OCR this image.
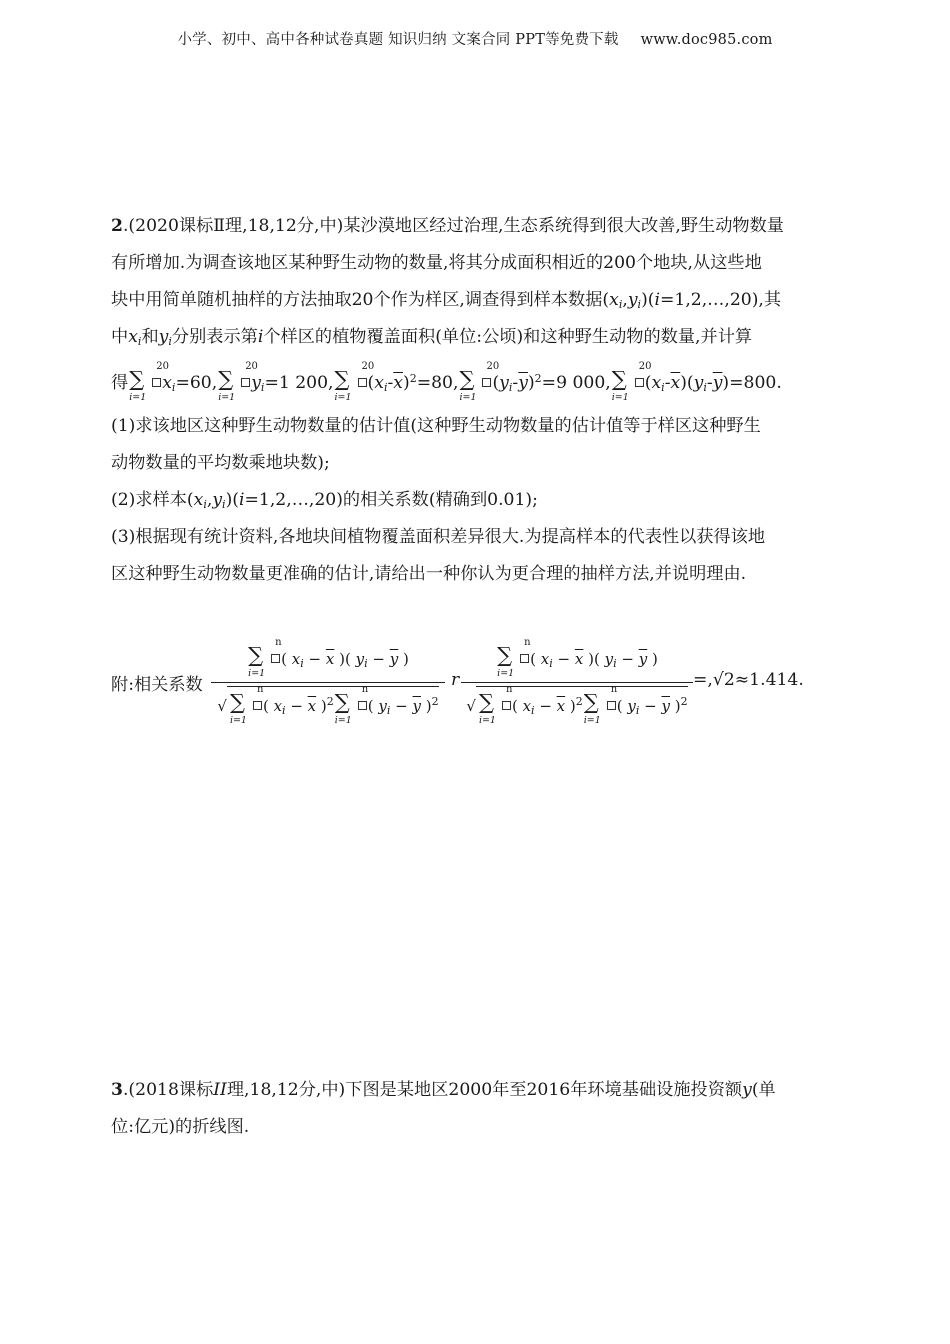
小学、初中、高中各种试卷真题 知识归纳 文案合同 PPT等免费下载 www.doc985.com
2.(2020课标Ⅱ理,18,12分,中)某沙漠地区经过治理,生态系统得到很大改善,野生动物数量
有所增加.为调查该地区某种野生动物的数量,将其分成面积相近的200个地块,从这些地
块中用简单随机抽样的方法抽取20个作为样区,调查得到样本数据$(x_i,y_i)(i=1,2,\dots,20)$,其
中$x_i$和$y_i$分别表示第i个样区的植物覆盖面积(单位:公顷)和这种野生动物的数量,并计算
得 ∑
i=1
20
$x_i=60$, ∑
i=1
20
$y_i=1$ 200, ∑
i=1
20
$(x_i-\overline{x})^2=80$, ∑
i=1
20
$(y_i-\overline{y})^2=9$ 000, ∑
i=1
20
$(x_i-\overline{x})(y_i-\overline{y})=800$.
(1)求该地区这种野生动物数量的估计值(这种野生动物数量的估计值等于样区这种野生
动物数量的平均数乘地块数);
(2)求样本$(x_i,y_i)(i=1,2,\dots,20)$的相关系数(精确到0.01);
(3)根据现有统计资料,各地块间植物覆盖面积差异很大.为提高样本的代表性以获得该地
区这种野生动物数量更准确的估计,请给出一种你认为更合理的抽样方法,并说明理由.
附:相关系数
∑
i=1
n
( $x_i - \overline{x}$ )( $y_i - \overline{y}$ )
√ ∑
i=1
n
( $x_i - \overline{x}$ )$^2$ ∑
i=1
n
( $y_i - \overline{y}$ )$^2$
r
∑
i=1
n
( $x_i - \overline{x}$ )( $y_i - \overline{y}$ )
√ ∑
i=1
n
( $x_i - \overline{x}$ )$^2$ ∑
i=1
n
( $y_i - \overline{y}$ )$^2$
=,√2≈1.414.
3.(2018课标II理,18,12分,中)下图是某地区2000年至2016年环境基础设施投资额y(单
位:亿元)的折线图.
